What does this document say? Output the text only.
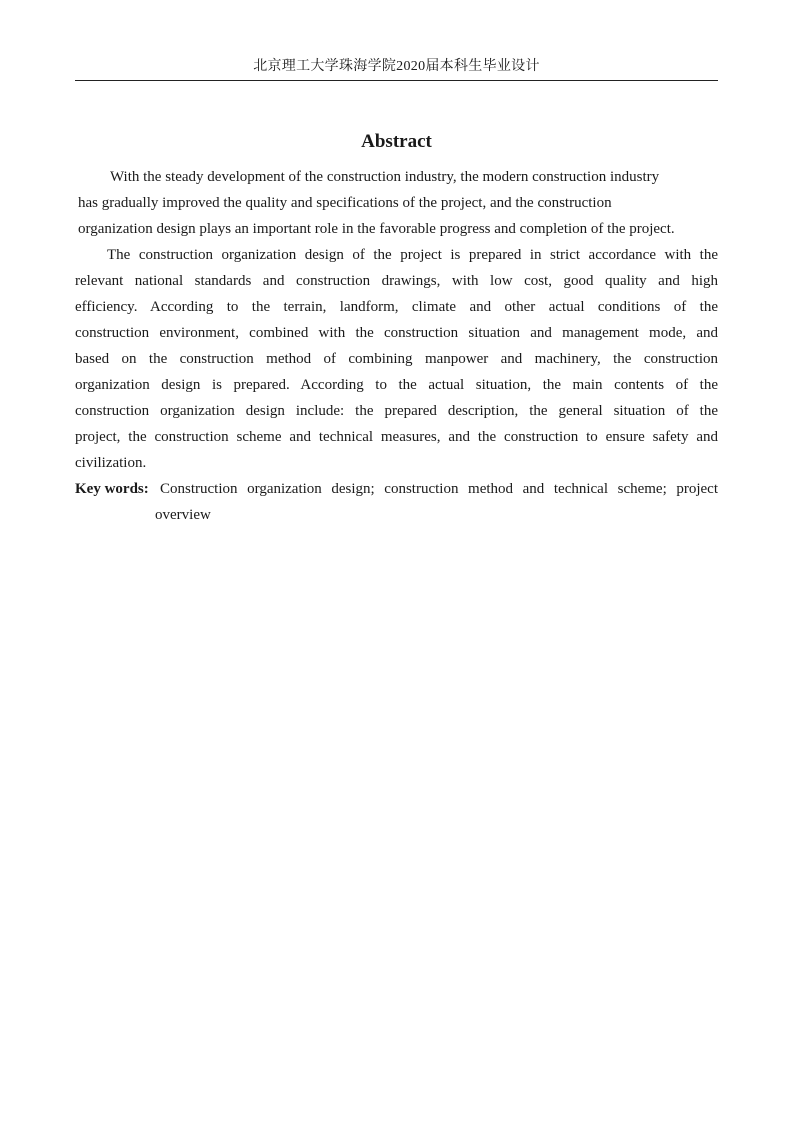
北京理工大学珠海学院2020届本科生毕业设计
Abstract
With the steady development of the construction industry, the modern construction industry
has gradually improved the quality and specifications of the project, and the construction
organization design plays an important role in the favorable progress and completion of the project.
The construction organization design of the project is prepared in strict accordance with the
relevant national standards and construction drawings, with low cost, good quality and high
efficiency. According to the terrain, landform, climate and other actual conditions of the
construction environment, combined with the construction situation and management mode, and
based on the construction method of combining manpower and machinery, the construction
organization design is prepared. According to the actual situation, the main contents of the
construction organization design include: the prepared description, the general situation of the
project, the construction scheme and technical measures, and the construction to ensure safety and
civilization.
Key words: Construction organization design; construction method and technical scheme; project
overview
